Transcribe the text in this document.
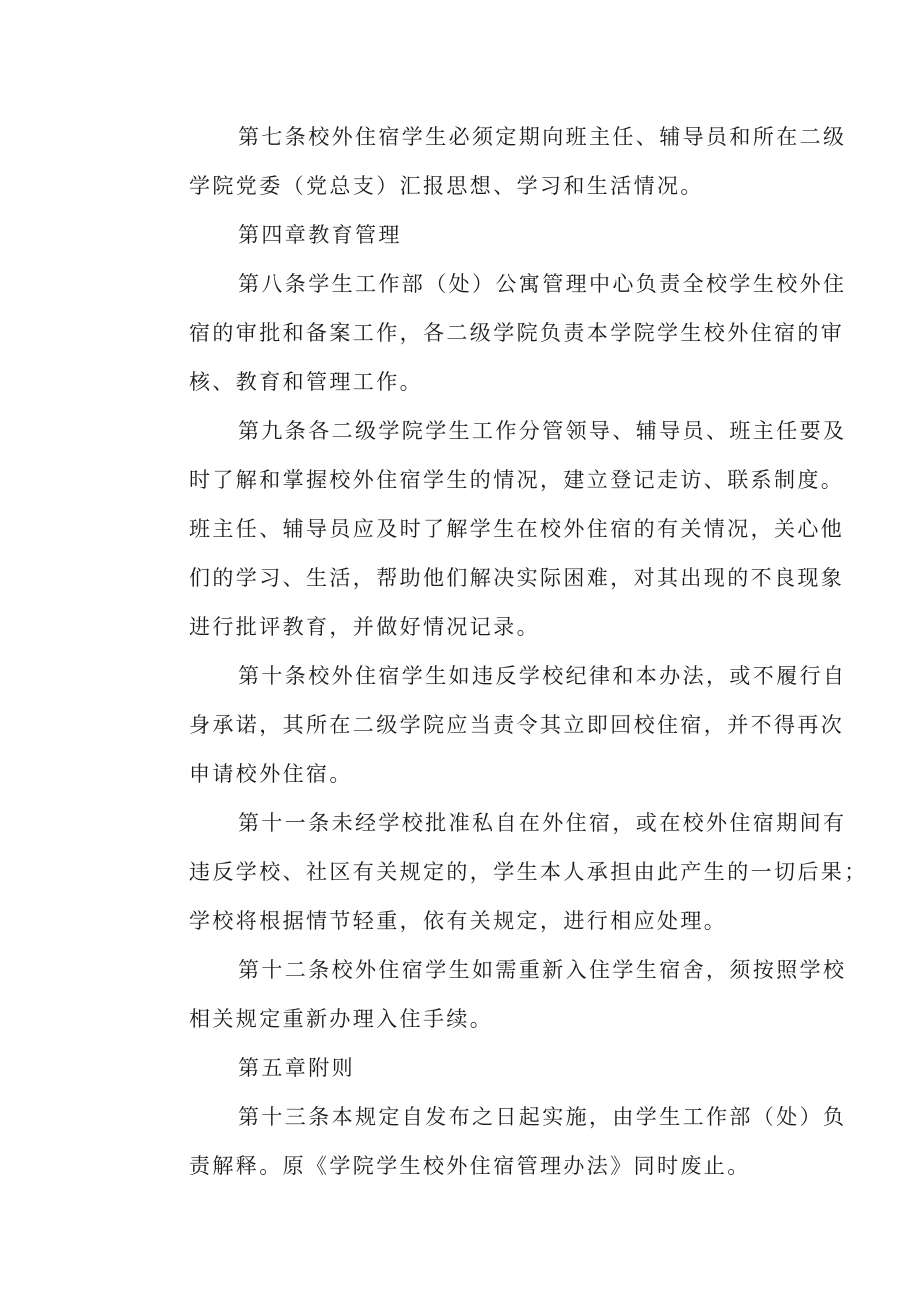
第七条校外住宿学生必须定期向班主任、辅导员和所在二级
学院党委（党总支）汇报思想、学习和生活情况。
第四章教育管理
第八条学生工作部（处）公寓管理中心负责全校学生校外住
宿的审批和备案工作，各二级学院负责本学院学生校外住宿的审
核、教育和管理工作。
第九条各二级学院学生工作分管领导、辅导员、班主任要及
时了解和掌握校外住宿学生的情况，建立登记走访、联系制度。
班主任、辅导员应及时了解学生在校外住宿的有关情况，关心他
们的学习、生活，帮助他们解决实际困难，对其出现的不良现象
进行批评教育，并做好情况记录。
第十条校外住宿学生如违反学校纪律和本办法，或不履行自
身承诺，其所在二级学院应当责令其立即回校住宿，并不得再次
申请校外住宿。
第十一条未经学校批准私自在外住宿，或在校外住宿期间有
违反学校、社区有关规定的，学生本人承担由此产生的一切后果；
学校将根据情节轻重，依有关规定，进行相应处理。
第十二条校外住宿学生如需重新入住学生宿舍，须按照学校
相关规定重新办理入住手续。
第五章附则
第十三条本规定自发布之日起实施，由学生工作部（处）负
责解释。原《学院学生校外住宿管理办法》同时废止。
